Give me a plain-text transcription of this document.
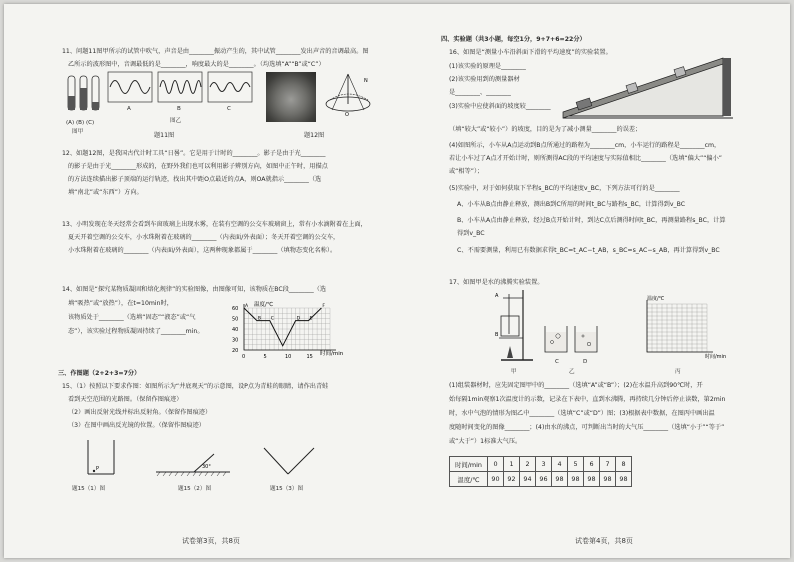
11、问题11图甲所示的试管中吹气，声音是由________振动产生的，其中试管________发出声音的音调最高。图
乙所示的波形图中，音调最低的是________，响度最大的是________。（均选填“A”“B”或“C”）
(A) (B) (C)
图甲
A	B	C
图乙
题11图
O
N
题12图
12、如题12图，是我国古代计时工具“日晷”。它是用于计时的________。影子是由于光________
的影子是由于光________形成的，在野外我们也可以利用影子辨别方向，如图中正午时，用描点
的方法连续描出影子顶端的运行轨迹，找出其中距O点最近的点A，则OA就指示________（选
填“南北”或“东西”）方向。
13、小明发现在冬天经常会看到车窗玻璃上出现水雾，在装有空调的公交车玻璃窗上，常有小水滴附着在上面，
夏天开着空调的公交车，小水珠附着在玻璃的________（内表面/外表面）；冬天开着空调的公交车，
小水珠附着在玻璃的________（内表面/外表面），这两种现象都属于________（填物态变化名称）。
14、如图是“探究某物质凝固和熔化规律”的实验图像，由图像可知，该物质在BC段________（选
填“吸热”或“放热”），在t=10min时，
该物质处于________（选填“固态”“液态”或“气
态”），该实验过程物质凝固持续了________min。
温度/℃
时间/min
60
50
40
30
20
0	5	10	15
A
B C	D E
F
三、作图题（2+2+3=7分）
15、（1）按照以下要求作图：如图所示为“井底观天”的示意图，设P点为青蛙的眼睛，请作出青蛙
看到天空范围的光路图。（保留作图痕迹）
（2）画出反射光线并标出反射角。（保留作图痕迹）
（3）在图中画出反光镜的位置。（保留作图痕迹）
P
题15（1）图
30°
题15（2）图	题15（3）图
试卷第3页，共8页
四、实验题（共3小题，每空1分，9+7+6=22分）
16、如图是“测量小车沿斜面下滑的平均速度”的实验装置。
(1)该实验的原理是________
(2)该实验用到的测量器材
是________、________
(3)实验中应使斜面的坡度较________
（填“较大”或“较小”）的坡度，目的是为了减小测量________的误差；
(4)如图所示，小车从A点运动到B点所通过的路程为________cm，小车运行的路程是________cm，
若让小车过了A点才开始计时，则所测得AC段的平均速度与实际值相比________（选填“偏大”“偏小”
或“相等”）；
(5)实验中，对于如何获取下半程s_BC的平均速度v_BC，下列方法可行的是________
A、小车从B点由静止释放，测出B到C所用的时间t_BC与路程s_BC，计算得到v_BC
B、小车从A点由静止释放，经过B点开始计时，到达C点后测得时间t_BC，再测量路程s_BC，计算
得到v_BC
C、不需要测量，利用已有数据求得t_BC=t_AC−t_AB，s_BC=s_AC−s_AB，再计算得到v_BC
17、如图甲是水的沸腾实验装置。
A
B
甲
C	D
乙
温度/℃
时间/min
丙
(1)组装器材时，应先固定图甲中的________（选填“A”或“B”）；(2)在水温升高到90℃时，开
始每隔1min观察1次温度计的示数，记录在下表中，直到水沸腾，再持续几分钟后停止读数，第2min
时，水中气泡的情形为图乙中________（选填“C”或“D”）图；(3)根据表中数据，在图丙中画出温
度随时间变化的图像________；(4)由水的沸点，可判断出当时的大气压________（选填“小于”“等于”
或“大于”）1标准大气压。
时间/min	0	1	2	3	4	5	6	7	8
温度/℃	90	92	94	96	98	98	98	98	98
试卷第4页，共8页
